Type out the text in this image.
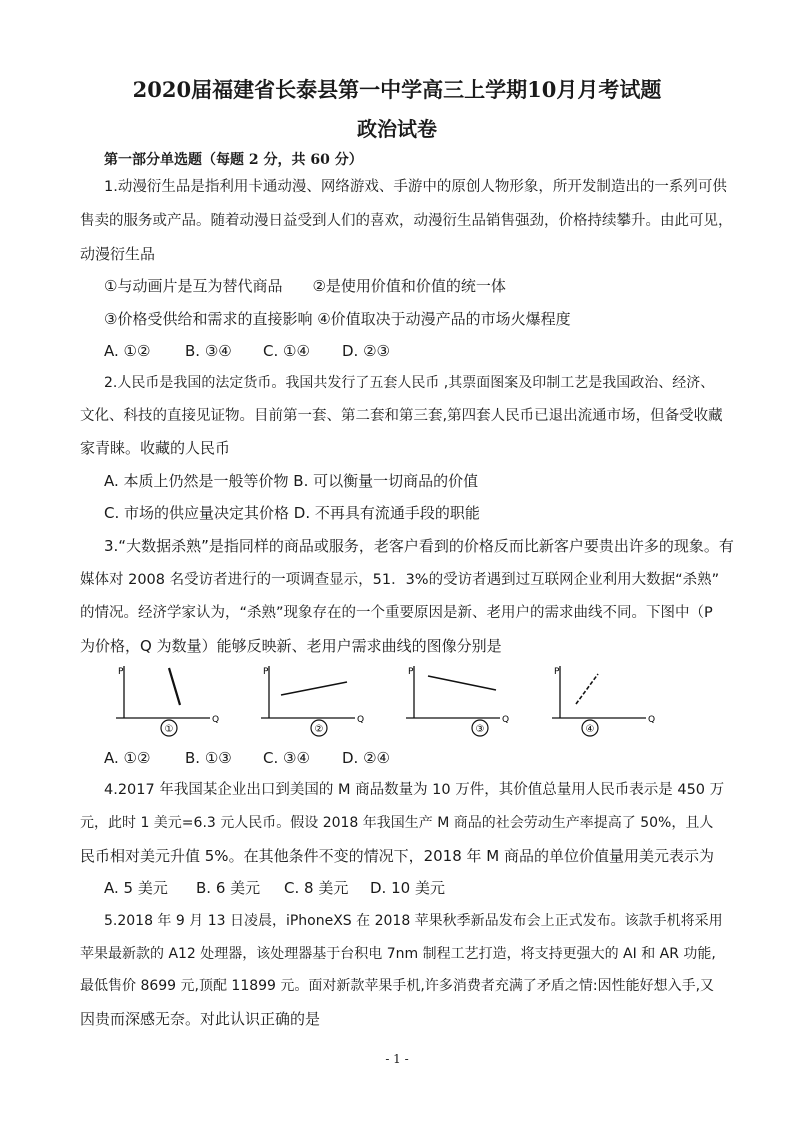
2020届福建省长泰县第一中学高三上学期10月月考试题
政治试卷
第一部分单选题（每题 2 分，共 60 分）
1.动漫衍生品是指利用卡通动漫、网络游戏、手游中的原创人物形象，所开发制造出的一系列可供
售卖的服务或产品。随着动漫日益受到人们的喜欢，动漫衍生品销售强劲，价格持续攀升。由此可见，
动漫衍生品
①与动画片是互为替代商品　　②是使用价值和价值的统一体
③价格受供给和需求的直接影响 ④价值取决于动漫产品的市场火爆程度
A. ①② B. ③④ C. ①④ D. ②③
2.人民币是我国的法定货币。我国共发行了五套人民币 ,其票面图案及印制工艺是我国政治、经济、
文化、科技的直接见证物。目前第一套、第二套和第三套,第四套人民币已退出流通市场，但备受收藏
家青睐。收藏的人民币
A. 本质上仍然是一般等价物 B. 可以衡量一切商品的价值
C. 市场的供应量决定其价格 D. 不再具有流通手段的职能
3.“大数据杀熟”是指同样的商品或服务，老客户看到的价格反而比新客户要贵出许多的现象。有
媒体对 2008 名受访者进行的一项调查显示，51．3%的受访者遇到过互联网企业利用大数据“杀熟”
的情况。经济学家认为，“杀熟”现象存在的一个重要原因是新、老用户的需求曲线不同。下图中（P
为价格，Q 为数量）能够反映新、老用户需求曲线的图像分别是
P
①
Q
P
②
Q
P
③
Q
P
④
Q
A. ①② B. ①③ C. ③④ D. ②④
4.2017 年我国某企业出口到美国的 M 商品数量为 10 万件，其价值总量用人民币表示是 450 万
元，此时 1 美元=6.3 元人民币。假设 2018 年我国生产 M 商品的社会劳动生产率提高了 50%，且人
民币相对美元升值 5%。在其他条件不变的情况下，2018 年 M 商品的单位价值量用美元表示为
A. 5 美元 B. 6 美元 C. 8 美元 D. 10 美元
5.2018 年 9 月 13 日凌晨，iPhoneXS 在 2018 苹果秋季新品发布会上正式发布。该款手机将采用
苹果最新款的 A12 处理器，该处理器基于台积电 7nm 制程工艺打造，将支持更强大的 AI 和 AR 功能,
最低售价 8699 元,顶配 11899 元。面对新款苹果手机,许多消费者充满了矛盾之情:因性能好想入手,又
因贵而深感无奈。对此认识正确的是
- 1 -
